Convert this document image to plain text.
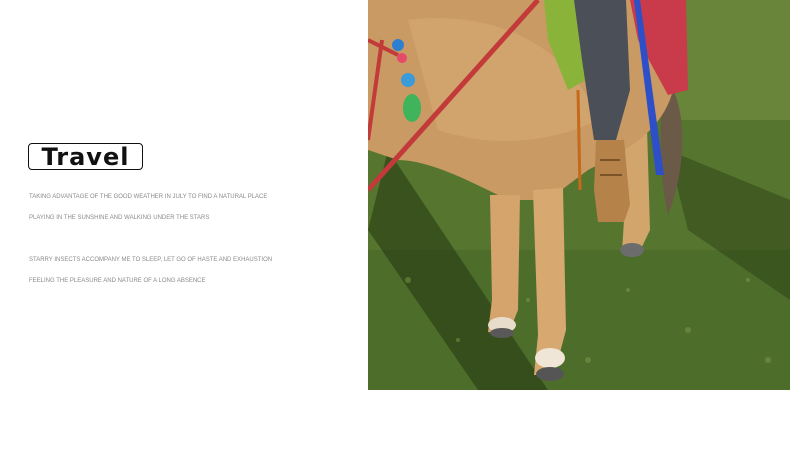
Travel
TAKING ADVANTAGE OF THE GOOD WEATHER IN JULY TO FIND A NATURAL PLACE
PLAYING IN THE SUNSHINE AND WALKING UNDER THE STARS
STARRY INSECTS ACCOMPANY ME TO SLEEP, LET GO OF HASTE AND EXHAUSTION
FEELING THE PLEASURE AND NATURE OF A LONG ABSENCE
